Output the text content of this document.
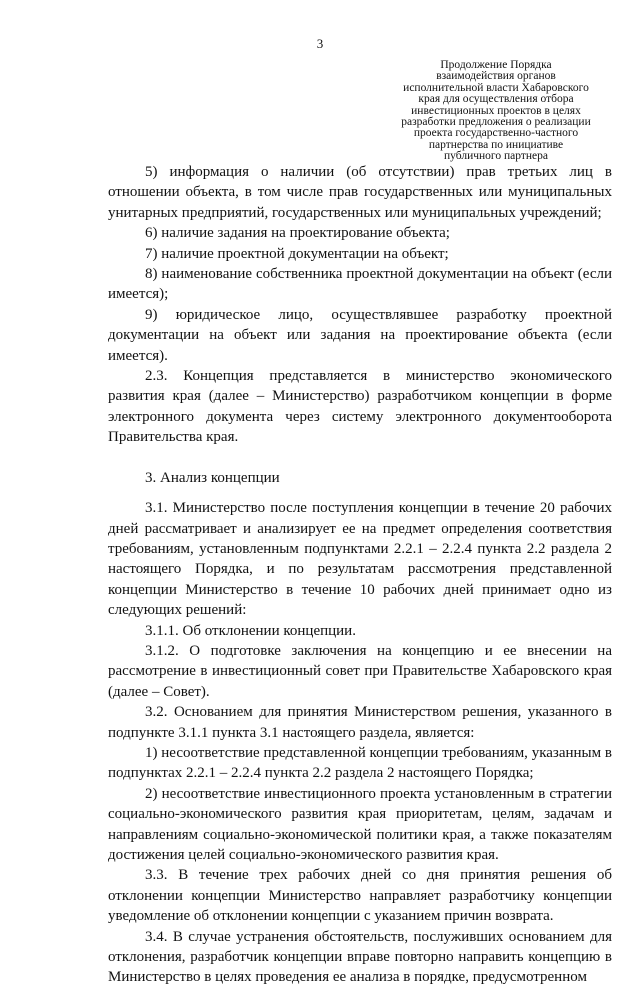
3
Продолжение Порядка
взаимодействия органов
исполнительной власти Хабаровского
края для осуществления отбора
инвестиционных проектов в целях
разработки предложения о реализации
проекта государственно-частного
партнерства по инициативе
публичного партнера

5) информация о наличии (об отсутствии) прав третьих лиц в отношении объекта, в том числе прав государственных или муниципальных унитарных предприятий, государственных или муниципальных учреждений;

6) наличие задания на проектирование объекта;

7) наличие проектной документации на объект;

8) наименование собственника проектной документации на объект (если имеется);

9) юридическое лицо, осуществлявшее разработку проектной документации на объект или задания на проектирование объекта (если имеется).

2.3. Концепция представляется в министерство экономического развития края (далее – Министерство) разработчиком концепции в форме электронного документа через систему электронного документооборота Правительства края.

3. Анализ концепции

3.1. Министерство после поступления концепции в течение 20 рабочих дней рассматривает и анализирует ее на предмет определения соответствия требованиям, установленным подпунктами 2.2.1 – 2.2.4 пункта 2.2 раздела 2 настоящего Порядка, и по результатам рассмотрения представленной концепции Министерство в течение 10 рабочих дней принимает одно из следующих решений:

3.1.1. Об отклонении концепции.

3.1.2. О подготовке заключения на концепцию и ее внесении на рассмотрение в инвестиционный совет при Правительстве Хабаровского края (далее – Совет).

3.2. Основанием для принятия Министерством решения, указанного в подпункте 3.1.1 пункта 3.1 настоящего раздела, является:

1) несоответствие представленной концепции требованиям, указанным в подпунктах 2.2.1 – 2.2.4 пункта 2.2 раздела 2 настоящего Порядка;

2) несоответствие инвестиционного проекта установленным в стратегии социально-экономического развития края приоритетам, целям, задачам и направлениям социально-экономической политики края, а также показателям достижения целей социально-экономического развития края.

3.3. В течение трех рабочих дней со дня принятия решения об отклонении концепции Министерство направляет разработчику концепции уведомление об отклонении концепции с указанием причин возврата.

3.4. В случае устранения обстоятельств, послуживших основанием для отклонения, разработчик концепции вправе повторно направить концепцию в Министерство в целях проведения ее анализа в порядке, предусмотренном
